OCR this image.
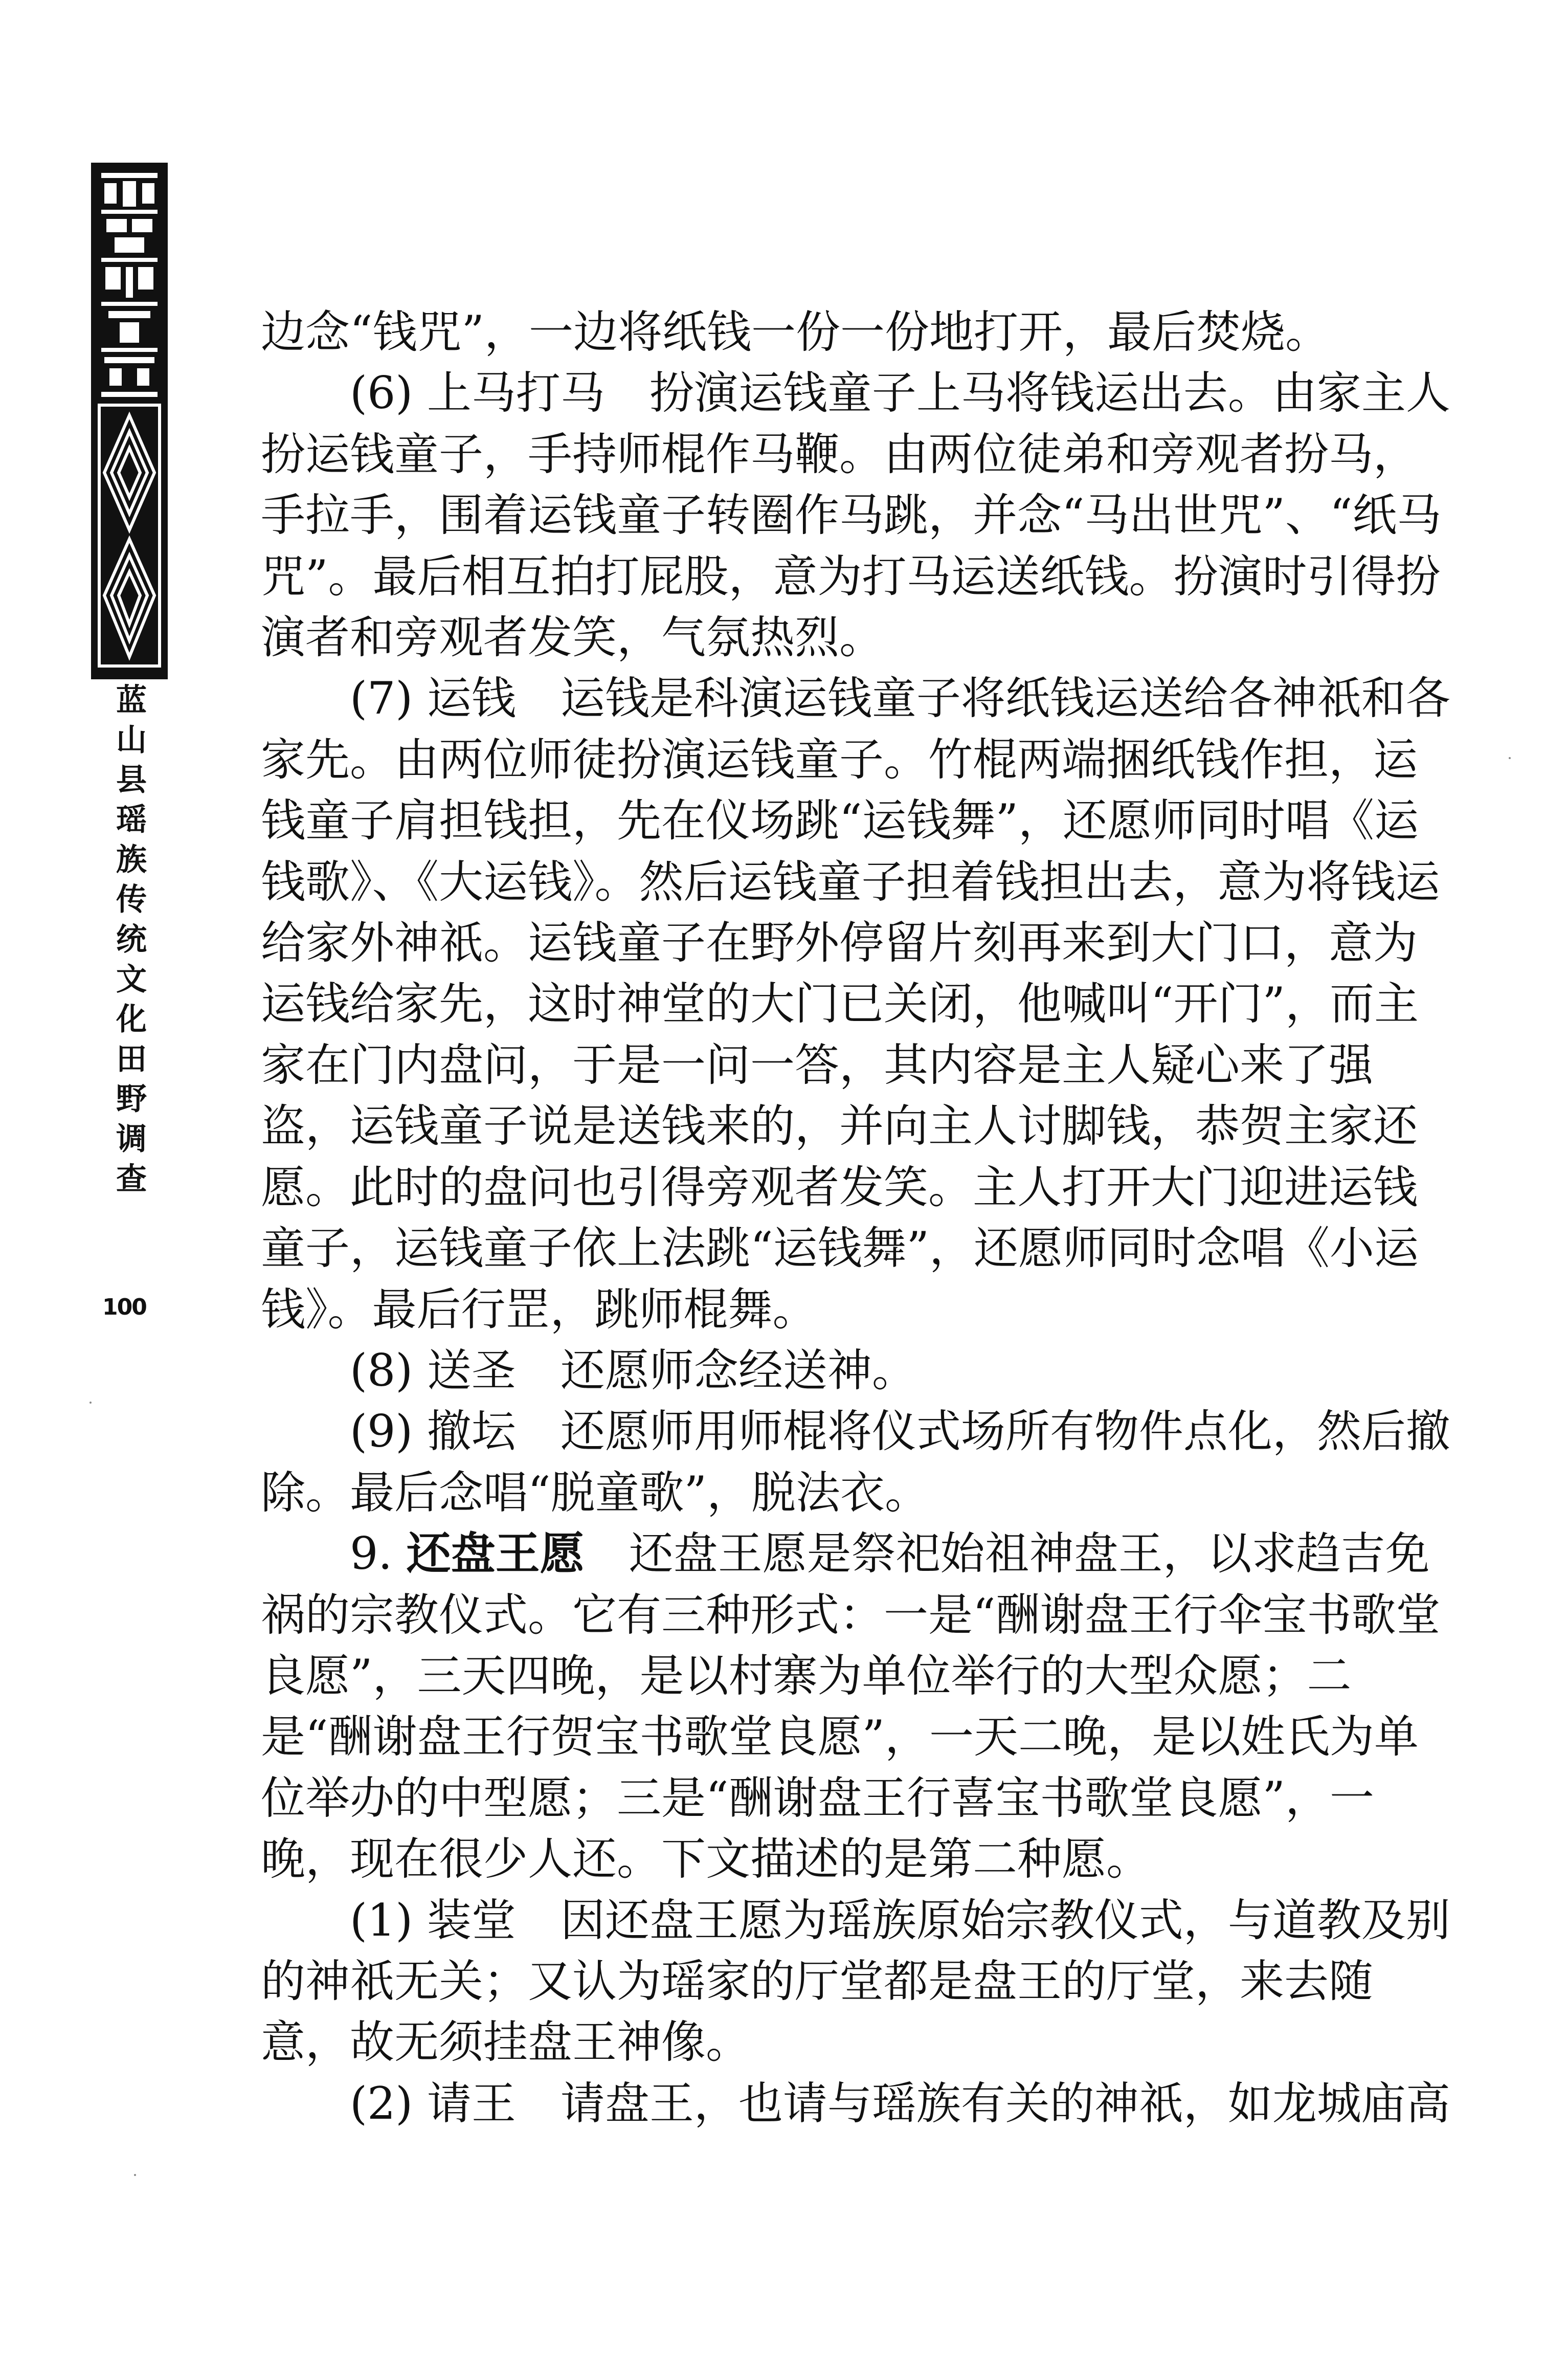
蓝
山
县
瑶
族
传
统
文
化
田
野
调
查
100

边念“钱咒”，一边将纸钱一份一份地打开，最后焚烧。

(6) 上马打马　扮演运钱童子上马将钱运出去。由家主人扮运钱童子，手持师棍作马鞭。由两位徒弟和旁观者扮马，手拉手，围着运钱童子转圈作马跳，并念“马出世咒”、“纸马咒”。最后相互拍打屁股，意为打马运送纸钱。扮演时引得扮演者和旁观者发笑，气氛热烈。

(7) 运钱　运钱是科演运钱童子将纸钱运送给各神祇和各家先。由两位师徒扮演运钱童子。竹棍两端捆纸钱作担，运钱童子肩担钱担，先在仪场跳“运钱舞”，还愿师同时唱《运钱歌》、《大运钱》。然后运钱童子担着钱担出去，意为将钱运给家外神祇。运钱童子在野外停留片刻再来到大门口，意为运钱给家先，这时神堂的大门已关闭，他喊叫“开门”，而主家在门内盘问，于是一问一答，其内容是主人疑心来了强盗，运钱童子说是送钱来的，并向主人讨脚钱，恭贺主家还愿。此时的盘问也引得旁观者发笑。主人打开大门迎进运钱童子，运钱童子依上法跳“运钱舞”，还愿师同时念唱《小运钱》。最后行罡，跳师棍舞。

(8) 送圣　还愿师念经送神。

(9) 撤坛　还愿师用师棍将仪式场所有物件点化，然后撤除。最后念唱“脱童歌”，脱法衣。

9. 还盘王愿　还盘王愿是祭祀始祖神盘王，以求趋吉免祸的宗教仪式。它有三种形式：一是“酬谢盘王行伞宝书歌堂良愿”，三天四晚，是以村寨为单位举行的大型众愿；二是“酬谢盘王行贺宝书歌堂良愿”，一天二晚，是以姓氏为单位举办的中型愿；三是“酬谢盘王行喜宝书歌堂良愿”，一晚，现在很少人还。下文描述的是第二种愿。

(1) 装堂　因还盘王愿为瑶族原始宗教仪式，与道教及别的神祇无关；又认为瑶家的厅堂都是盘王的厅堂，来去随意，故无须挂盘王神像。

(2) 请王　请盘王，也请与瑶族有关的神祇，如龙城庙高
